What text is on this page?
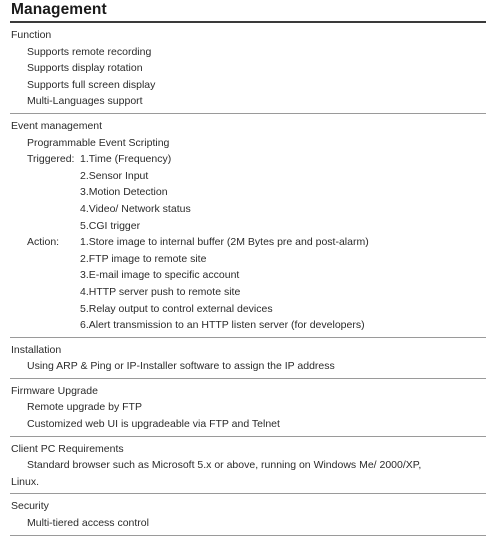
Management
Function
Supports remote recording
Supports display rotation
Supports full screen display
Multi-Languages support
Event management
Programmable Event Scripting
Triggered: 1.Time (Frequency)
2.Sensor Input
3.Motion Detection
4.Video/ Network status
5.CGI trigger
Action:	1.Store image to internal buffer (2M Bytes pre and post-alarm)
2.FTP image to remote site
3.E-mail image to specific account
4.HTTP server push to remote site
5.Relay output to control external devices
6.Alert transmission to an HTTP listen server (for developers)
Installation
Using ARP & Ping or IP-Installer software to assign the IP address
Firmware Upgrade
Remote upgrade by FTP
Customized web UI is upgradeable via FTP and Telnet
Client PC Requirements
Standard browser such as Microsoft 5.x or above, running on Windows Me/ 2000/XP,
Linux.
Security
Multi-tiered access control
